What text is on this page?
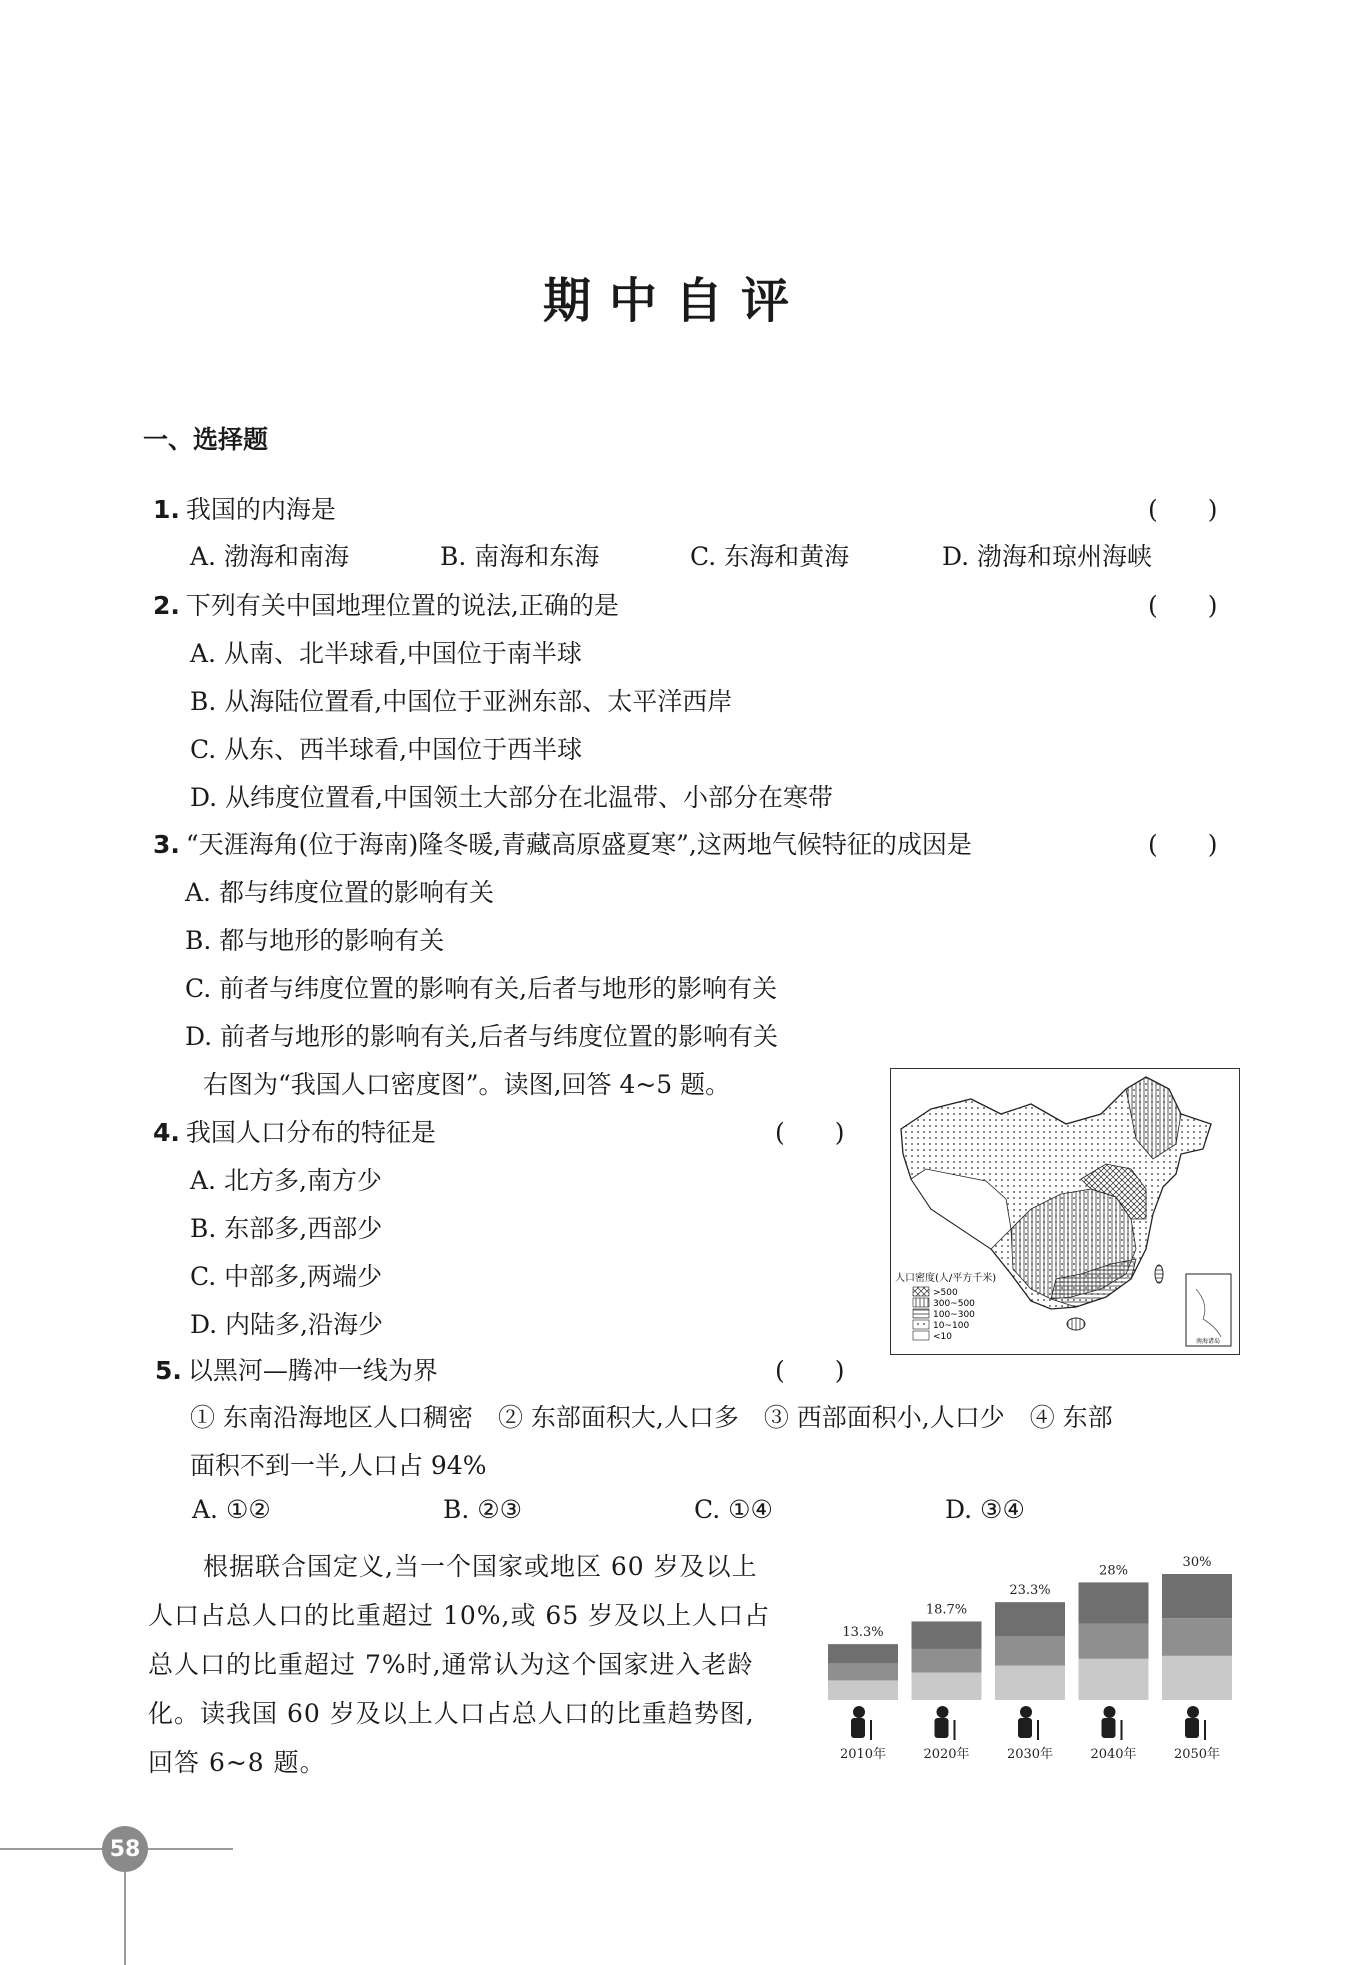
期中自评
一、选择题
1. 我国的内海是	(　　)
A. 渤海和南海	B. 南海和东海	C. 东海和黄海	D. 渤海和琼州海峡
2. 下列有关中国地理位置的说法,正确的是	(　　)
A. 从南、北半球看,中国位于南半球
B. 从海陆位置看,中国位于亚洲东部、太平洋西岸
C. 从东、西半球看,中国位于西半球
D. 从纬度位置看,中国领土大部分在北温带、小部分在寒带
3. “天涯海角(位于海南)隆冬暖,青藏高原盛夏寒”,这两地气候特征的成因是	(　　)
A. 都与纬度位置的影响有关
B. 都与地形的影响有关
C. 前者与纬度位置的影响有关,后者与地形的影响有关
D. 前者与地形的影响有关,后者与纬度位置的影响有关
右图为“我国人口密度图”。读图,回答 4~5 题。
4. 我国人口分布的特征是	(　　)
A. 北方多,南方少
B. 东部多,西部少
C. 中部多,两端少
D. 内陆多,沿海少
南海诸岛
人口密度(人/平方千米)
>500
300~500
100~300
10~100
<10
5. 以黑河—腾冲一线为界	(　　)
① 东南沿海地区人口稠密　② 东部面积大,人口多　③ 西部面积小,人口少　④ 东部
面积不到一半,人口占 94%
A. ①②	B. ②③	C. ①④	D. ③④
根据联合国定义,当一个国家或地区 60 岁及以上
人口占总人口的比重超过 10%,或 65 岁及以上人口占
总人口的比重超过 7%时,通常认为这个国家进入老龄
化。读我国 60 岁及以上人口占总人口的比重趋势图,
回答 6~8 题。
13.3%
2010年
18.7%
2020年
23.3%
2030年
28%
2040年
30%
2050年
58
